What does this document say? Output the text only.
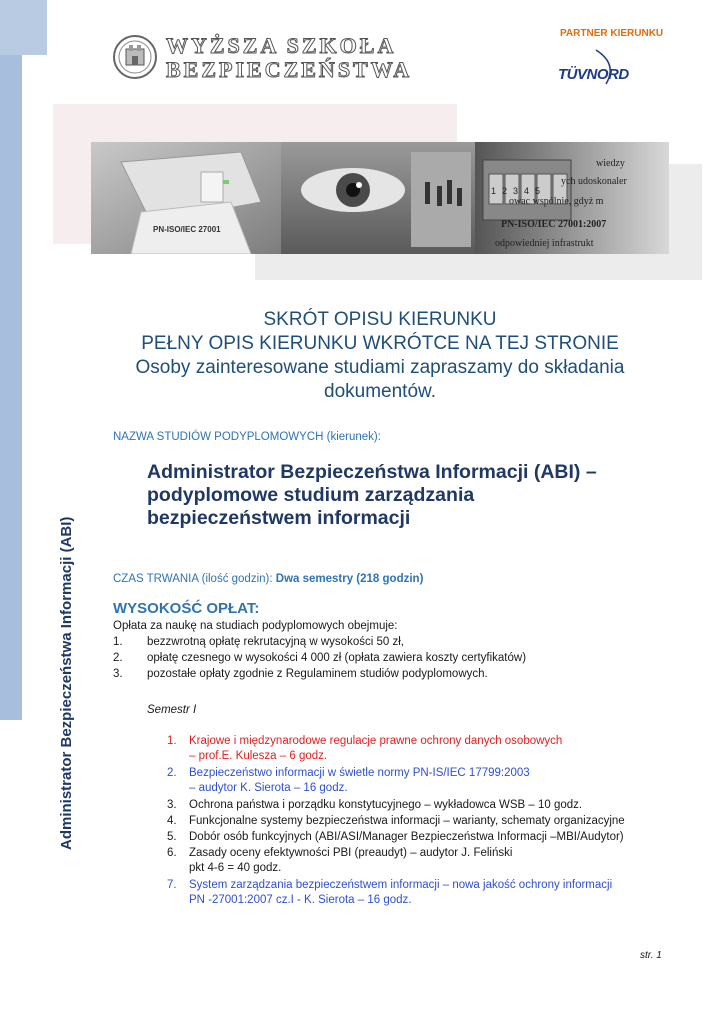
WYŻSZA SZKOŁA
BEZPIECZEŃSTWA
PARTNER KIERUNKU
TÜVNORD
PN-ISO/IEC 27001
12345
wiedzy
ych udoskonaler
owac wspólnie, gdyż m
PN-ISO/IEC 27001:2007
odpowiedniej infrastrukt
SKRÓT OPISU KIERUNKU
PEŁNY OPIS KIERUNKU WKRÓTCE NA TEJ STRONIE
Osoby zainteresowane studiami zapraszamy do składania
dokumentów.
NAZWA STUDIÓW PODYPLOMOWYCH (kierunek):
Administrator Bezpieczeństwa Informacji (ABI) –
podyplomowe studium zarządzania
bezpieczeństwem informacji
CZAS TRWANIA (ilość godzin): Dwa semestry (218 godzin)
WYSOKOŚĆ OPŁAT:
Opłata za naukę na studiach podyplomowych obejmuje:
1. bezzwrotną opłatę rekrutacyjną w wysokości 50 zł,
2. opłatę czesnego w wysokości 4 000 zł (opłata zawiera koszty certyfikatów)
3. pozostałe opłaty zgodnie z Regulaminem studiów podyplomowych.
Semestr I
1. Krajowe i międzynarodowe regulacje prawne ochrony danych osobowych
– prof.E. Kulesza – 6 godz.
2. Bezpieczeństwo informacji w świetle normy PN-IS/IEC 17799:2003
– audytor K. Sierota – 16 godz.
3. Ochrona państwa i porządku konstytucyjnego – wykładowca WSB – 10 godz.
4. Funkcjonalne systemy bezpieczeństwa informacji – warianty, schematy organizacyjne
5. Dobór osób funkcyjnych (ABI/ASI/Manager Bezpieczeństwa Informacji –MBI/Audytor)
6. Zasady oceny efektywności PBI (preaudyt) – audytor J. Feliński
pkt 4-6 = 40 godz.
7. System zarządzania bezpieczeństwem informacji – nowa jakość ochrony informacji
PN -27001:2007 cz.I - K. Sierota – 16 godz.
Administrator Bezpieczeństwa Informacji (ABI)
str. 1
